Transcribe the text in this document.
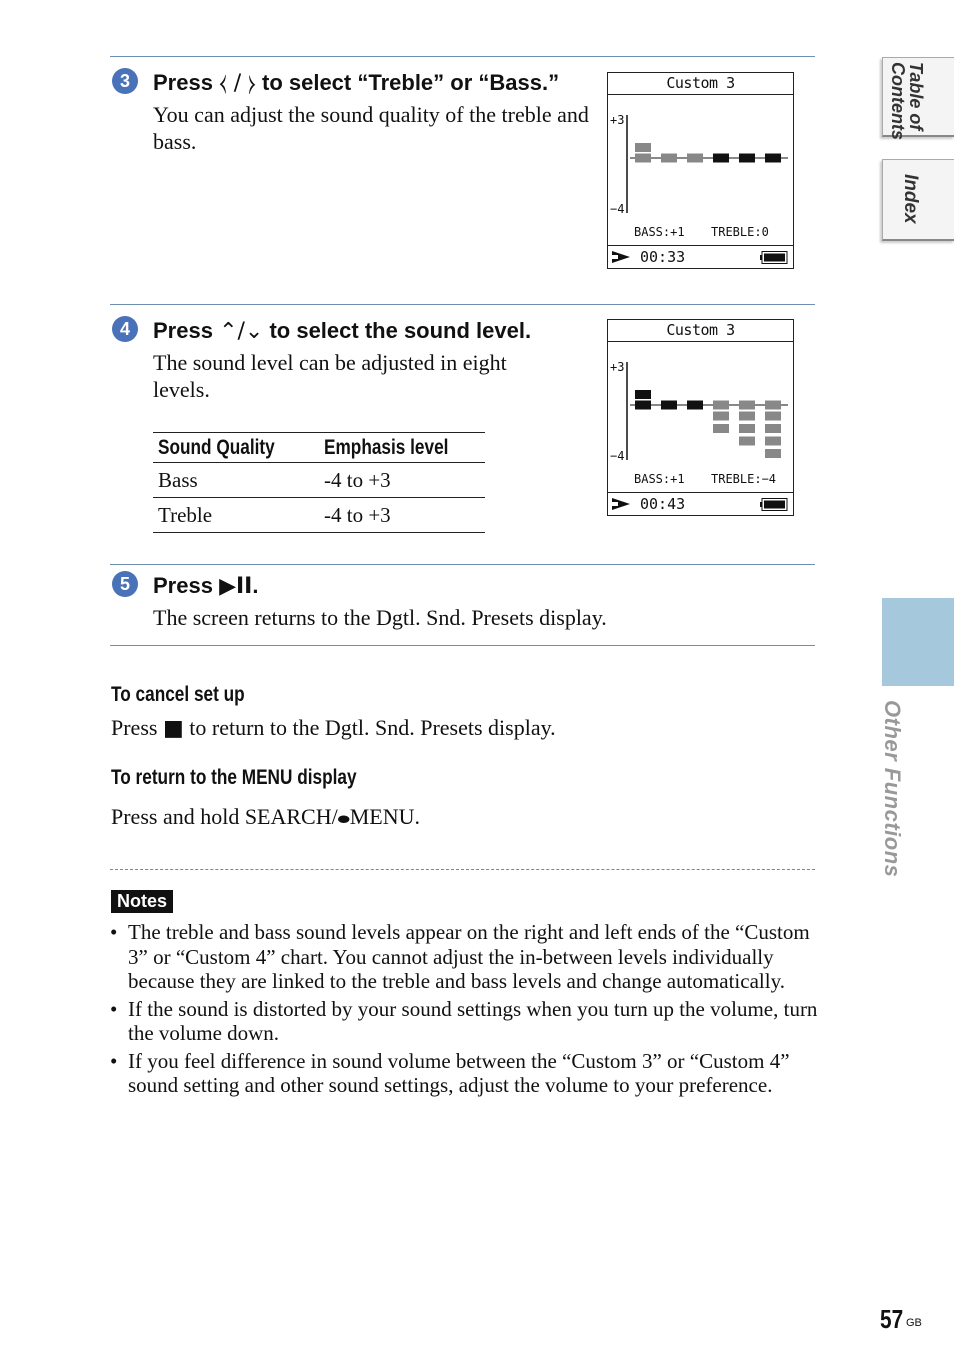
3	Press ⧼ / ⧽ to select “Treble” or “Bass.”
You can adjust the sound quality of the treble and bass.
Custom 3
+3
−4
BASS:+1 TREBLE:0
00:33
4	Press ⌃/⌄ to select the sound level.
The sound level can be adjusted in eight levels.
Sound Quality	Emphasis level
Bass	-4 to +3
Treble	-4 to +3
Custom 3
+3
−4
BASS:+1 TREBLE:−4
00:43
5	Press ▶II.
The screen returns to the Dgtl. Snd. Presets display.
To cancel set up
Press ■ to return to the Dgtl. Snd. Presets display.
To return to the MENU display
Press and hold SEARCH/⬬MENU.
Notes
• The treble and bass sound levels appear on the right and left ends of the “Custom 3” or “Custom 4” chart. You cannot adjust the in-between levels individually because they are linked to the treble and bass levels and change automatically.
• If the sound is distorted by your sound settings when you turn up the volume, turn the volume down.
• If you feel difference in sound volume between the “Custom 3” or “Custom 4” sound setting and other sound settings, adjust the volume to your preference.
Table of Contents
Index
Other Functions
57 GB
